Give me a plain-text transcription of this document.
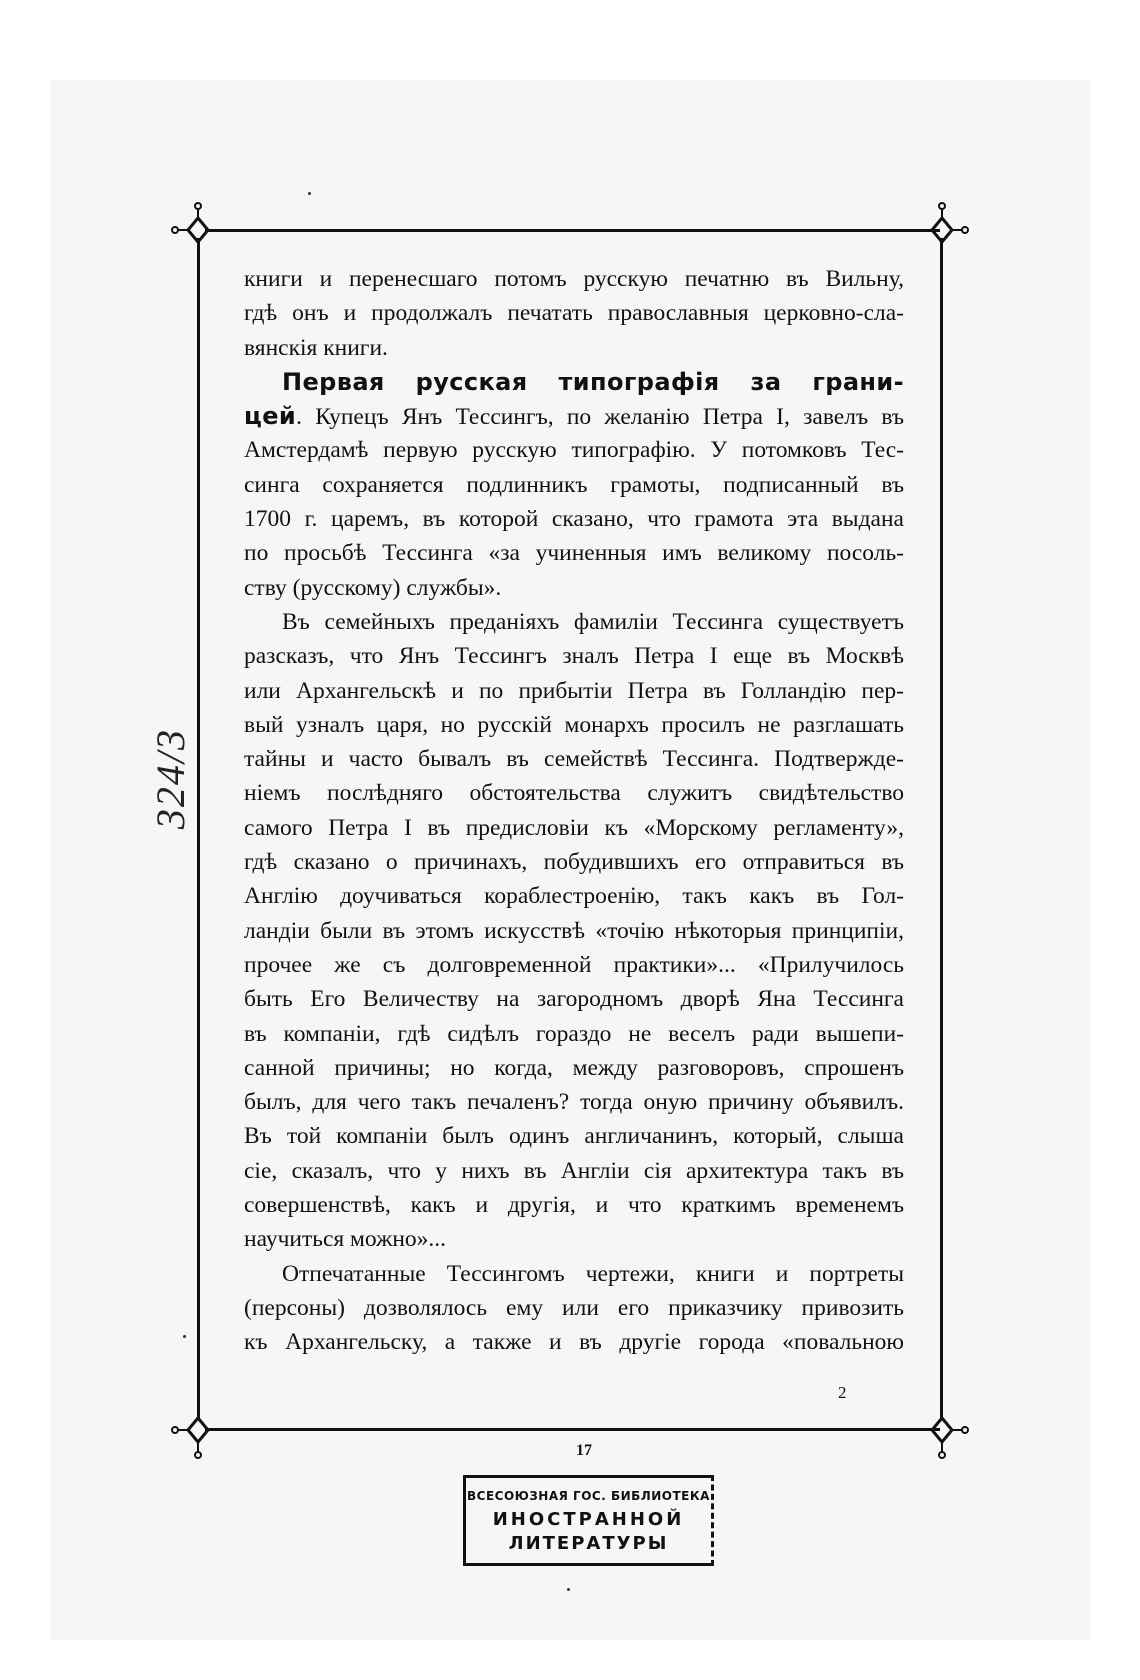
книги и перенесшаго потомъ русскую печатню въ Вильну,
гдѣ онъ и продолжалъ печатать православныя церковно-сла-
вянскія книги.
Первая русская типографія за грани-
цей. Купецъ Янъ Тессингъ, по желанію Петра I, завелъ въ
Амстердамѣ первую русскую типографію. У потомковъ Тес-
синга сохраняется подлинникъ грамоты, подписанный въ
1700 г. царемъ, въ которой сказано, что грамота эта выдана
по просьбѣ Тессинга «за учиненныя имъ великому посоль-
ству (русскому) службы».
Въ семейныхъ преданіяхъ фамиліи Тессинга существуетъ
разсказъ, что Янъ Тессингъ зналъ Петра I еще въ Москвѣ
или Архангельскѣ и по прибытіи Петра въ Голландію пер-
вый узналъ царя, но русскій монархъ просилъ не разглашать
тайны и часто бывалъ въ семействѣ Тессинга. Подтвержде-
ніемъ послѣдняго обстоятельства служитъ свидѣтельство
самого Петра I въ предисловіи къ «Морскому регламенту»,
гдѣ сказано о причинахъ, побудившихъ его отправиться въ
Англію доучиваться кораблестроенію, такъ какъ въ Гол-
ландіи были въ этомъ искусствѣ «точію нѣкоторыя принципіи,
прочее же съ долговременной практики»... «Прилучилось
быть Его Величеству на загородномъ дворѣ Яна Тессинга
въ компаніи, гдѣ сидѣлъ гораздо не веселъ ради вышепи-
санной причины; но когда, между разговоровъ, спрошенъ
былъ, для чего такъ печаленъ? тогда оную причину объявилъ.
Въ той компаніи былъ одинъ англичанинъ, который, слыша
сіе, сказалъ, что у нихъ въ Англіи сія архитектура такъ въ
совершенствѣ, какъ и другія, и что краткимъ временемъ
научиться можно»...
Отпечатанные Тессингомъ чертежи, книги и портреты
(персоны) дозволялось ему или его приказчику привозить
къ Архангельску, а также и въ другіе города «повальною
2
17
324/3
ВСЕСОЮЗНАЯ ГОС. БИБЛИОТЕКА
ИНОСТРАННОЙ
ЛИТЕРАТУРЫ
